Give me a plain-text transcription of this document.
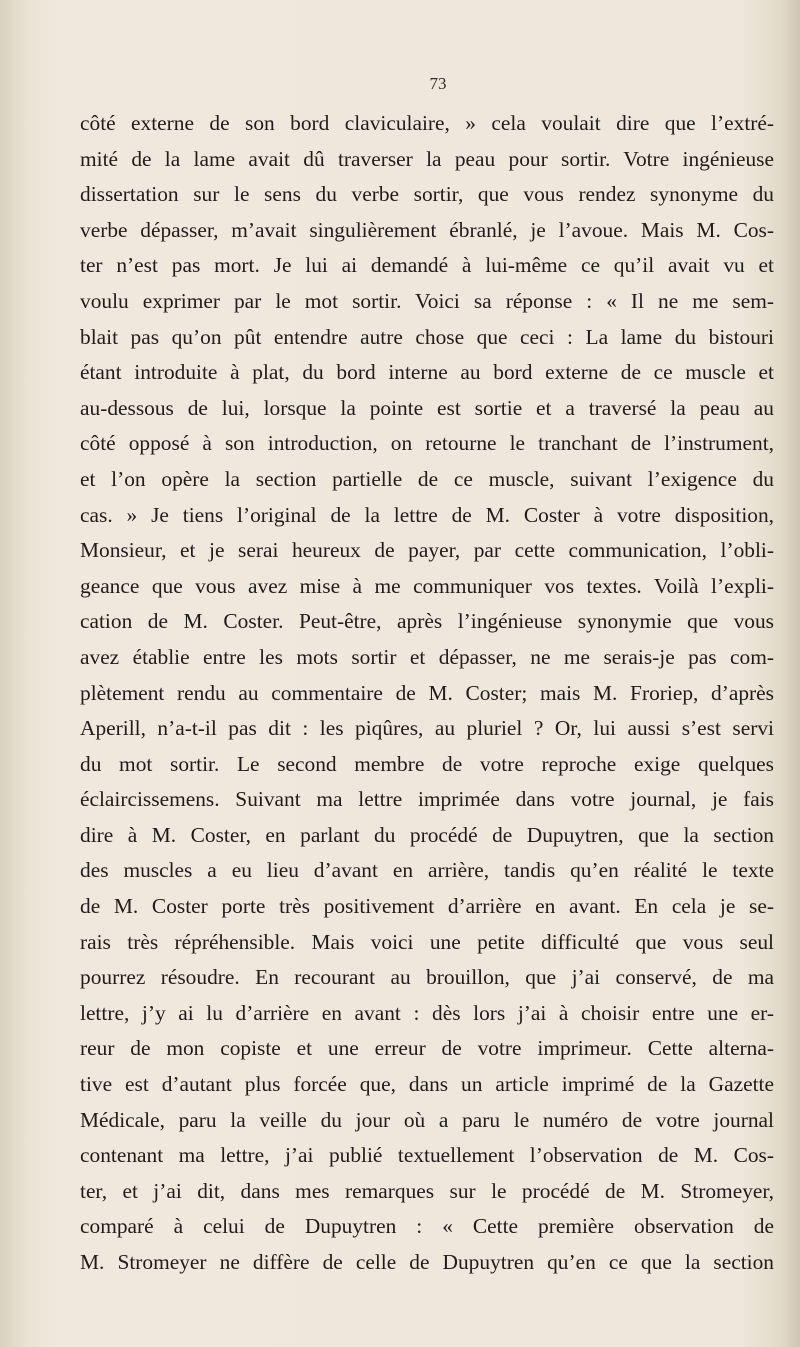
73
côté externe de son bord claviculaire, » cela voulait dire que l’extré-
mité de la lame avait dû traverser la peau pour sortir. Votre ingénieuse
dissertation sur le sens du verbe sortir, que vous rendez synonyme du
verbe dépasser, m’avait singulièrement ébranlé, je l’avoue. Mais M. Cos-
ter n’est pas mort. Je lui ai demandé à lui-même ce qu’il avait vu et
voulu exprimer par le mot sortir. Voici sa réponse : « Il ne me sem-
blait pas qu’on pût entendre autre chose que ceci : La lame du bistouri
étant introduite à plat, du bord interne au bord externe de ce muscle et
au-dessous de lui, lorsque la pointe est sortie et a traversé la peau au
côté opposé à son introduction, on retourne le tranchant de l’instrument,
et l’on opère la section partielle de ce muscle, suivant l’exigence du
cas. » Je tiens l’original de la lettre de M. Coster à votre disposition,
Monsieur, et je serai heureux de payer, par cette communication, l’obli-
geance que vous avez mise à me communiquer vos textes. Voilà l’expli-
cation de M. Coster. Peut-être, après l’ingénieuse synonymie que vous
avez établie entre les mots sortir et dépasser, ne me serais-je pas com-
plètement rendu au commentaire de M. Coster; mais M. Froriep, d’après
Aperill, n’a-t-il pas dit : les piqûres, au pluriel ? Or, lui aussi s’est servi
du mot sortir. Le second membre de votre reproche exige quelques
éclaircissemens. Suivant ma lettre imprimée dans votre journal, je fais
dire à M. Coster, en parlant du procédé de Dupuytren, que la section
des muscles a eu lieu d’avant en arrière, tandis qu’en réalité le texte
de M. Coster porte très positivement d’arrière en avant. En cela je se-
rais très répréhensible. Mais voici une petite difficulté que vous seul
pourrez résoudre. En recourant au brouillon, que j’ai conservé, de ma
lettre, j’y ai lu d’arrière en avant : dès lors j’ai à choisir entre une er-
reur de mon copiste et une erreur de votre imprimeur. Cette alterna-
tive est d’autant plus forcée que, dans un article imprimé de la Gazette
Médicale, paru la veille du jour où a paru le numéro de votre journal
contenant ma lettre, j’ai publié textuellement l’observation de M. Cos-
ter, et j’ai dit, dans mes remarques sur le procédé de M. Stromeyer,
comparé à celui de Dupuytren : « Cette première observation de
M. Stromeyer ne diffère de celle de Dupuytren qu’en ce que la section
